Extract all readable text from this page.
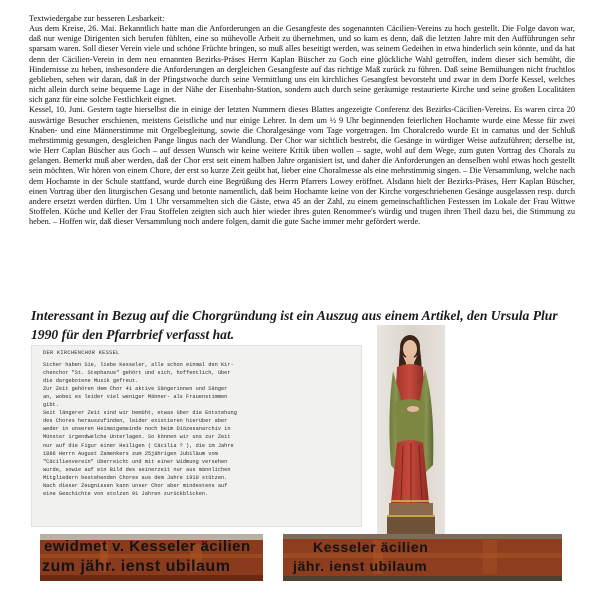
Textwiedergabe zur besseren Lesbarkeit:

Aus dem Kreise, 26. Mai. Bekanntlich hatte man die Anforderungen an die Gesangfeste des sogenannten Cäcilien-Vereins zu hoch gestellt. Die Folge davon war, daß nur wenige Dirigenten sich berufen fühlten, eine so mühevolle Arbeit zu übernehmen, und so kam es denn, daß die letzten Jahre mit den Aufführungen sehr sparsam waren. Soll dieser Verein viele und schöne Früchte bringen, so muß alles beseitigt werden, was seinem Gedeihen in etwa hinderlich sein könnte, und da hat denn der Cäcilien-Verein in dem neu ernannten Bezirks-Präses Herrn Kaplan Büscher zu Goch eine glückliche Wahl getroffen, indem dieser sich bemüht, die Hindernisse zu heben, insbesondere die Anforderungen an dergleichen Gesangfeste auf das richtige Maß zurück zu führen. Daß seine Bemühungen nicht fruchtlos geblieben, sehen wir daran, daß in der Pfingstwoche durch seine Vermittlung uns ein kirchliches Gesangfest bevorsteht und zwar in dem Dorfe Kessel, welches nicht allein durch seine bequeme Lage in der Nähe der Eisenbahn-Station, sondern auch durch seine geräumige restaurierte Kirche und seine großen Localitäten sich ganz für eine solche Festlichkeit eignet.

Kessel, 10. Juni. Gestern tagte hierselbst die in einige der letzten Nummern dieses Blattes angezeigte Conferenz des Bezirks-Cäcilien-Vereins. Es waren circa 20 auswärtige Besucher erschienen, meistens Geistliche und nur einige Lehrer. In dem um ½ 9 Uhr beginnenden feierlichen Hochamte wurde eine Messe für zwei Knaben- und eine Männerstimme mit Orgelbegleitung, sowie die Choralgesänge vom Tage vorgetragen. Im Choralcredo wurde Et in carnatus und der Schluß mehrstimmig gesungen, desgleichen Pange lingus nach der Wandlung. Der Chor war sichtlich bestrebt, die Gesänge in würdiger Weise aufzuführen; derselbe ist, wie Herr Caplan Büscher aus Goch – auf dessen Wunsch wir keine weitere Kritik üben wollen – sagte, wohl auf dem Wege, zum guten Vortrag des Chorals zu gelangen. Bemerkt muß aber werden, daß der Chor erst seit einem halben Jahre organisiert ist, und daher die Anforderungen an denselben wohl etwas hoch gestellt sein möchten. Wir hören von einem Chore, der erst so kurze Zeit geübt hat, lieber eine Choralmesse als eine mehrstimmig singen. – Die Versammlung, welche nach dem Hochamte in der Schule stattfand, wurde durch eine Begrüßung des Herrn Pfarrers Lowey eröffnet. Alsdann hielt der Bezirks-Präses, Herr Kaplan Büscher, einen Vortrag über den liturgischen Gesang und betonte namentlich, daß beim Hochamte keine von der Kirche vorgeschriebenen Gesänge ausgelassen resp. durch andere ersetzt werden dürften. Um 1 Uhr versammelten sich die Gäste, etwa 45 an der Zahl, zu einem gemeinschaftlichen Festessen im Lokale der Frau Wittwe Stoffelen. Küche und Keller der Frau Stoffelen zeigten sich auch hier wieder ihres guten Renommee's würdig und trugen ihren Theil dazu bei, die Stimmung zu heben. – Hoffen wir, daß dieser Versammlung noch andere folgen, damit die gute Sache immer mehr gefördert werde.

Interessant in Bezug auf die Chorgründung ist ein Auszug aus einem Artikel, den Ursula Plur 1990 für den Pfarrbrief verfasst hat.
DER KIRCHENCHOR KESSEL
Sicher haben Sie, liebe Kesseler, alle schon einmal den Kir-
chenchor "St. Stephanus" gehört und sich, hoffentlich, über
die dargebotene Musik gefreut.
Zur Zeit gehören dem Chor 41 aktive Sängerinnen und Sänger
an, wobei es leider viel weniger Männer- als Frauenstimmen
gibt.
Seit längerer Zeit sind wir bemüht, etwas über die Entstehung
des Chores herauszufinden, leider existieren hierüber aber
weder in unseren Heimatgemeinde noch beim Diözesanarchiv in
Münster irgendwelche Unterlagen. So können wir uns zur Zeit
nur auf die Figur einer Heiligen ( Cäcilia ? ), die im Jahre
1886 Herrn August Zamenkers zum 25jährigen Jubiläum vom
"Cäcilienverein" überreicht und mit einer Widmung versehen
wurde, sowie auf ein Bild des seinerzeit nur aus männlichen
Mitgliedern bestehenden Chores aus dem Jahre 1910 stützen.
Nach dieser Zeugnissen kann unser Chor aber mindestens auf
eine Geschichte von stolzen 91 Jahren zurückblicken.
ewidmet v. Kesseler äcilien
zum jähr. ienst ubilaum
Kesseler äcilien
jähr. ienst ubilaum
